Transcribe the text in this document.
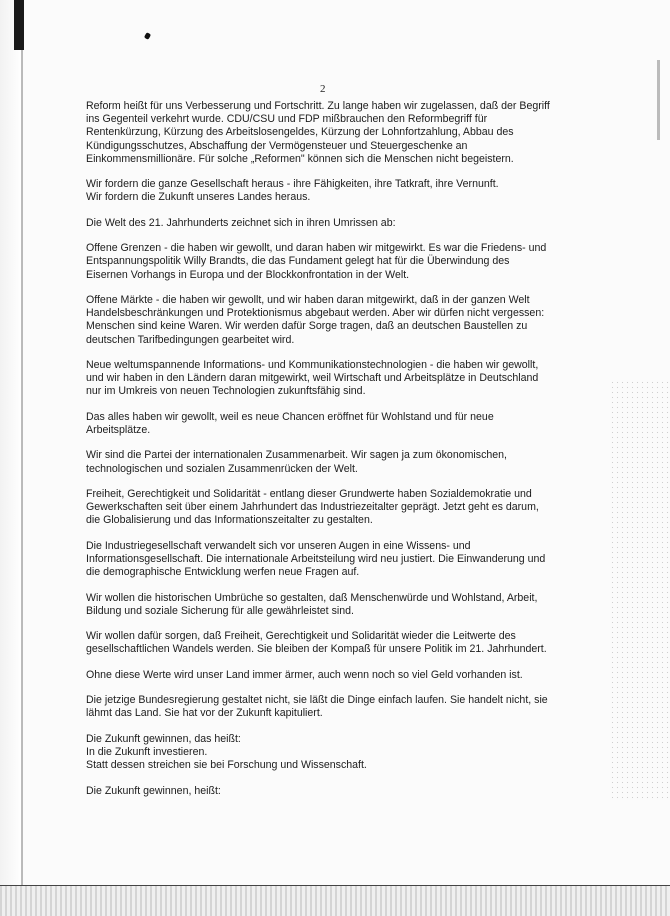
2

Reform heißt für uns Verbesserung und Fortschritt. Zu lange haben wir zugelassen, daß der Begriff
ins Gegenteil verkehrt wurde. CDU/CSU und FDP mißbrauchen den Reformbegriff für
Rentenkürzung, Kürzung des Arbeitslosengeldes, Kürzung der Lohnfortzahlung, Abbau des
Kündigungsschutzes, Abschaffung der Vermögensteuer und Steuergeschenke an
Einkommensmillionäre. Für solche „Reformen" können sich die Menschen nicht begeistern.

Wir fordern die ganze Gesellschaft heraus - ihre Fähigkeiten, ihre Tatkraft, ihre Vernunft.
Wir fordern die Zukunft unseres Landes heraus.

Die Welt des 21. Jahrhunderts zeichnet sich in ihren Umrissen ab:

Offene Grenzen - die haben wir gewollt, und daran haben wir mitgewirkt. Es war die Friedens- und
Entspannungspolitik Willy Brandts, die das Fundament gelegt hat für die Überwindung des
Eisernen Vorhangs in Europa und der Blockkonfrontation in der Welt.

Offene Märkte - die haben wir gewollt, und wir haben daran mitgewirkt, daß in der ganzen Welt
Handelsbeschränkungen und Protektionismus abgebaut werden. Aber wir dürfen nicht vergessen:
Menschen sind keine Waren. Wir werden dafür Sorge tragen, daß an deutschen Baustellen zu
deutschen Tarifbedingungen gearbeitet wird.

Neue weltumspannende Informations- und Kommunikationstechnologien - die haben wir gewollt,
und wir haben in den Ländern daran mitgewirkt, weil Wirtschaft und Arbeitsplätze in Deutschland
nur im Umkreis von neuen Technologien zukunftsfähig sind.

Das alles haben wir gewollt, weil es neue Chancen eröffnet für Wohlstand und für neue
Arbeitsplätze.

Wir sind die Partei der internationalen Zusammenarbeit. Wir sagen ja zum ökonomischen,
technologischen und sozialen Zusammenrücken der Welt.

Freiheit, Gerechtigkeit und Solidarität - entlang dieser Grundwerte haben Sozialdemokratie und
Gewerkschaften seit über einem Jahrhundert das Industriezeitalter geprägt. Jetzt geht es darum,
die Globalisierung und das Informationszeitalter zu gestalten.

Die Industriegesellschaft verwandelt sich vor unseren Augen in eine Wissens- und
Informationsgesellschaft. Die internationale Arbeitsteilung wird neu justiert. Die Einwanderung und
die demographische Entwicklung werfen neue Fragen auf.

Wir wollen die historischen Umbrüche so gestalten, daß Menschenwürde und Wohlstand, Arbeit,
Bildung und soziale Sicherung für alle gewährleistet sind.

Wir wollen dafür sorgen, daß Freiheit, Gerechtigkeit und Solidarität wieder die Leitwerte des
gesellschaftlichen Wandels werden. Sie bleiben der Kompaß für unsere Politik im 21. Jahrhundert.

Ohne diese Werte wird unser Land immer ärmer, auch wenn noch so viel Geld vorhanden ist.

Die jetzige Bundesregierung gestaltet nicht, sie läßt die Dinge einfach laufen. Sie handelt nicht, sie
lähmt das Land. Sie hat vor der Zukunft kapituliert.

Die Zukunft gewinnen, das heißt:
In die Zukunft investieren.
Statt dessen streichen sie bei Forschung und Wissenschaft.

Die Zukunft gewinnen, heißt:
